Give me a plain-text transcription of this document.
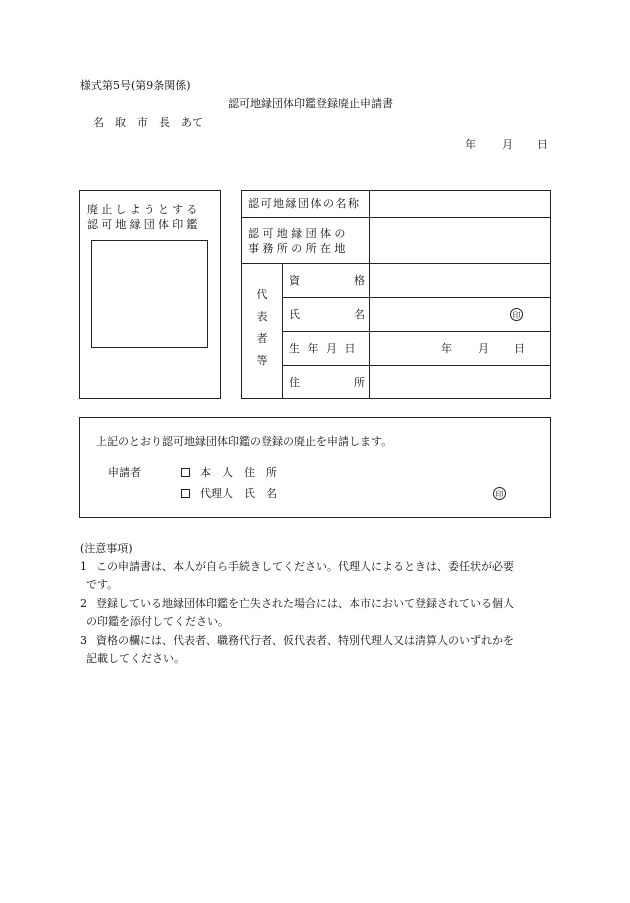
様式第5号(第9条関係)
認可地縁団体印鑑登録廃止申請書
名　取　市　長　あて
年 月 日
廃止しようとする
認可地縁団体印鑑
認可地縁団体の名称
認可地縁団体の
事務所の所在地
代
表
者
等
資	格
氏	名	印
生 年 月 日	年 月 日
住	所
上記のとおり認可地縁団体印鑑の登録の廃止を申請します。
申請者	本　人　住　所
代理人　氏　名	印
(注意事項)
1 この申請書は、本人が自ら手続きしてください。代理人によるときは、委任状が必要
です。
2 登録している地縁団体印鑑を亡失された場合には、本市において登録されている個人
の印鑑を添付してください。
3 資格の欄には、代表者、職務代行者、仮代表者、特別代理人又は清算人のいずれかを
記載してください。
